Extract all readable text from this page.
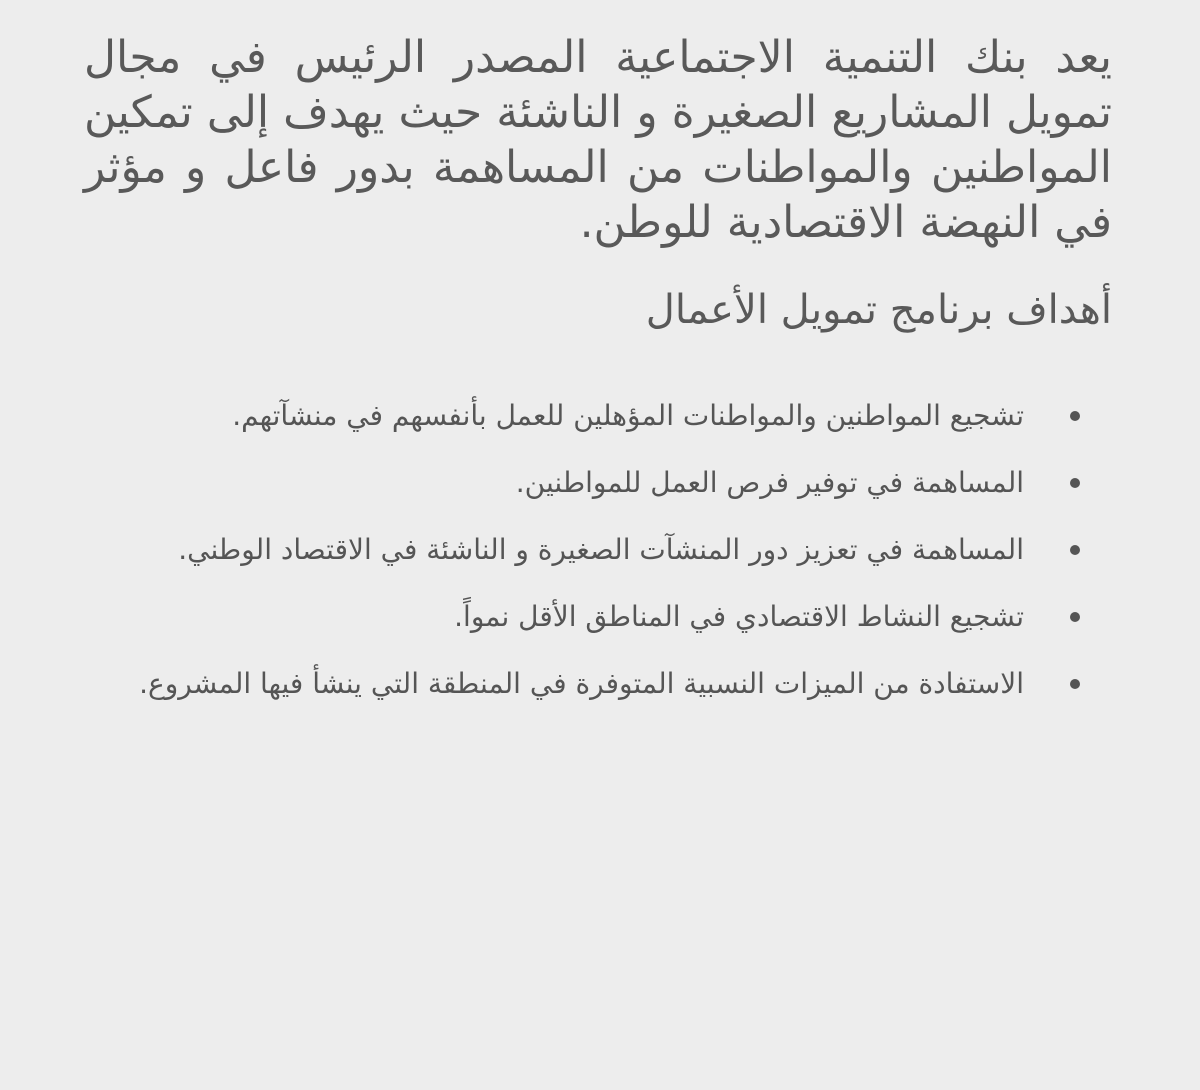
يعد بنك التنمية الاجتماعية المصدر الرئيس في مجال تمويل المشاريع الصغيرة و الناشئة حيث يهدف إلى تمكين المواطنين والمواطنات من المساهمة بدور فاعل و مؤثر في النهضة الاقتصادية للوطن.

أهداف برنامج تمويل الأعمال
تشجيع المواطنين والمواطنات المؤهلين للعمل بأنفسهم في منشآتهم.
المساهمة في توفير فرص العمل للمواطنين.
المساهمة في تعزيز دور المنشآت الصغيرة و الناشئة في الاقتصاد الوطني.
تشجيع النشاط الاقتصادي في المناطق الأقل نمواً.
الاستفادة من الميزات النسبية المتوفرة في المنطقة التي ينشأ فيها المشروع.
